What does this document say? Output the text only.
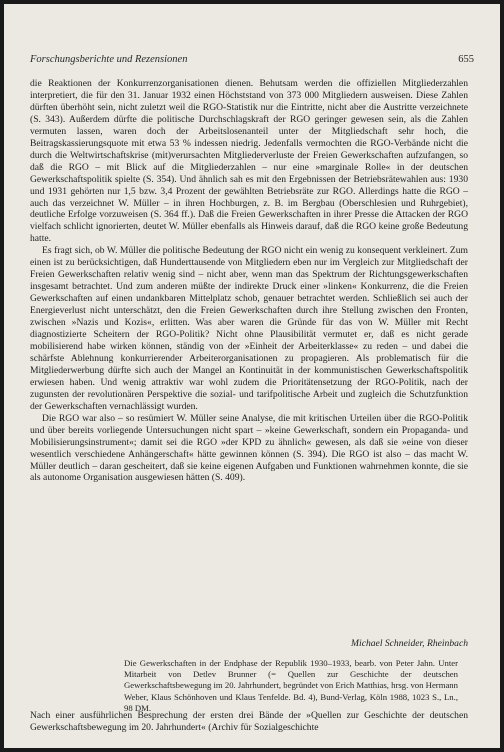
Forschungsberichte und Rezensionen	655

die Reaktionen der Konkurrenzorganisationen dienen. Behutsam werden die offiziellen Mitgliederzahlen interpretiert, die für den 31. Januar 1932 einen Höchststand von 373 000 Mitgliedern ausweisen. Diese Zahlen dürften überhöht sein, nicht zuletzt weil die RGO-Statistik nur die Eintritte, nicht aber die Austritte verzeichnete (S. 343). Außerdem dürfte die politische Durchschlagskraft der RGO geringer gewesen sein, als die Zahlen vermuten lassen, waren doch der Arbeitslosenanteil unter der Mitgliedschaft sehr hoch, die Beitragskassierungsquote mit etwa 53 % indessen niedrig. Jedenfalls vermochten die RGO-Verbände nicht die durch die Weltwirtschaftskrise (mit)verursachten Mitgliederverluste der Freien Gewerkschaften aufzufangen, so daß die RGO – mit Blick auf die Mitgliederzahlen – nur eine »marginale Rolle« in der deutschen Gewerkschaftspolitik spielte (S. 354). Und ähnlich sah es mit den Ergebnissen der Betriebsrätewahlen aus: 1930 und 1931 gehörten nur 1,5 bzw. 3,4 Prozent der gewählten Betriebsräte zur RGO. Allerdings hatte die RGO – auch das verzeichnet W. Müller – in ihren Hochburgen, z. B. im Bergbau (Oberschlesien und Ruhrgebiet), deutliche Erfolge vorzuweisen (S. 364 ff.). Daß die Freien Gewerkschaften in ihrer Presse die Attacken der RGO vielfach schlicht ignorierten, deutet W. Müller ebenfalls als Hinweis darauf, daß die RGO keine große Bedeutung hatte.

Es fragt sich, ob W. Müller die politische Bedeutung der RGO nicht ein wenig zu konsequent verkleinert. Zum einen ist zu berücksichtigen, daß Hunderttausende von Mitgliedern eben nur im Vergleich zur Mitgliedschaft der Freien Gewerkschaften relativ wenig sind – nicht aber, wenn man das Spektrum der Richtungsgewerkschaften insgesamt betrachtet. Und zum anderen müßte der indirekte Druck einer »linken« Konkurrenz, die die Freien Gewerkschaften auf einen undankbaren Mittelplatz schob, genauer betrachtet werden. Schließlich sei auch der Energieverlust nicht unterschätzt, den die Freien Gewerkschaften durch ihre Stellung zwischen den Fronten, zwischen »Nazis und Kozis«, erlitten. Was aber waren die Gründe für das von W. Müller mit Recht diagnostizierte Scheitern der RGO-Politik? Nicht ohne Plausibilität vermutet er, daß es nicht gerade mobilisierend habe wirken können, ständig von der »Einheit der Arbeiterklasse« zu reden – und dabei die schärfste Ablehnung konkurrierender Arbeiterorganisationen zu propagieren. Als problematisch für die Mitgliederwerbung dürfte sich auch der Mangel an Kontinuität in der kommunistischen Gewerkschaftspolitik erwiesen haben. Und wenig attraktiv war wohl zudem die Prioritätensetzung der RGO-Politik, nach der zugunsten der revolutionären Perspektive die sozial- und tarifpolitische Arbeit und zugleich die Schutzfunktion der Gewerkschaften vernachlässigt wurden.

Die RGO war also – so resümiert W. Müller seine Analyse, die mit kritischen Urteilen über die RGO-Politik und über bereits vorliegende Untersuchungen nicht spart – »keine Gewerkschaft, sondern ein Propaganda- und Mobilisierungsinstrument«; damit sei die RGO »der KPD zu ähnlich« gewesen, als daß sie »eine von dieser wesentlich verschiedene Anhängerschaft« hätte gewinnen können (S. 394). Die RGO ist also – das macht W. Müller deutlich – daran gescheitert, daß sie keine eigenen Aufgaben und Funktionen wahrnehmen konnte, die sie als autonome Organisation ausgewiesen hätten (S. 409).

Michael Schneider, Rheinbach
Die Gewerkschaften in der Endphase der Republik 1930–1933, bearb. von Peter Jahn. Unter Mitarbeit von Detlev Brunner (= Quellen zur Geschichte der deutschen Gewerkschaftsbewegung im 20. Jahrhundert, begründet von Erich Matthias, hrsg. von Hermann Weber, Klaus Schönhoven und Klaus Tenfelde. Bd. 4), Bund-Verlag, Köln 1988, 1023 S., Ln., 98 DM.
Nach einer ausführlichen Besprechung der ersten drei Bände der »Quellen zur Geschichte der deutschen Gewerkschaftsbewegung im 20. Jahrhundert« (Archiv für Sozialgeschichte
